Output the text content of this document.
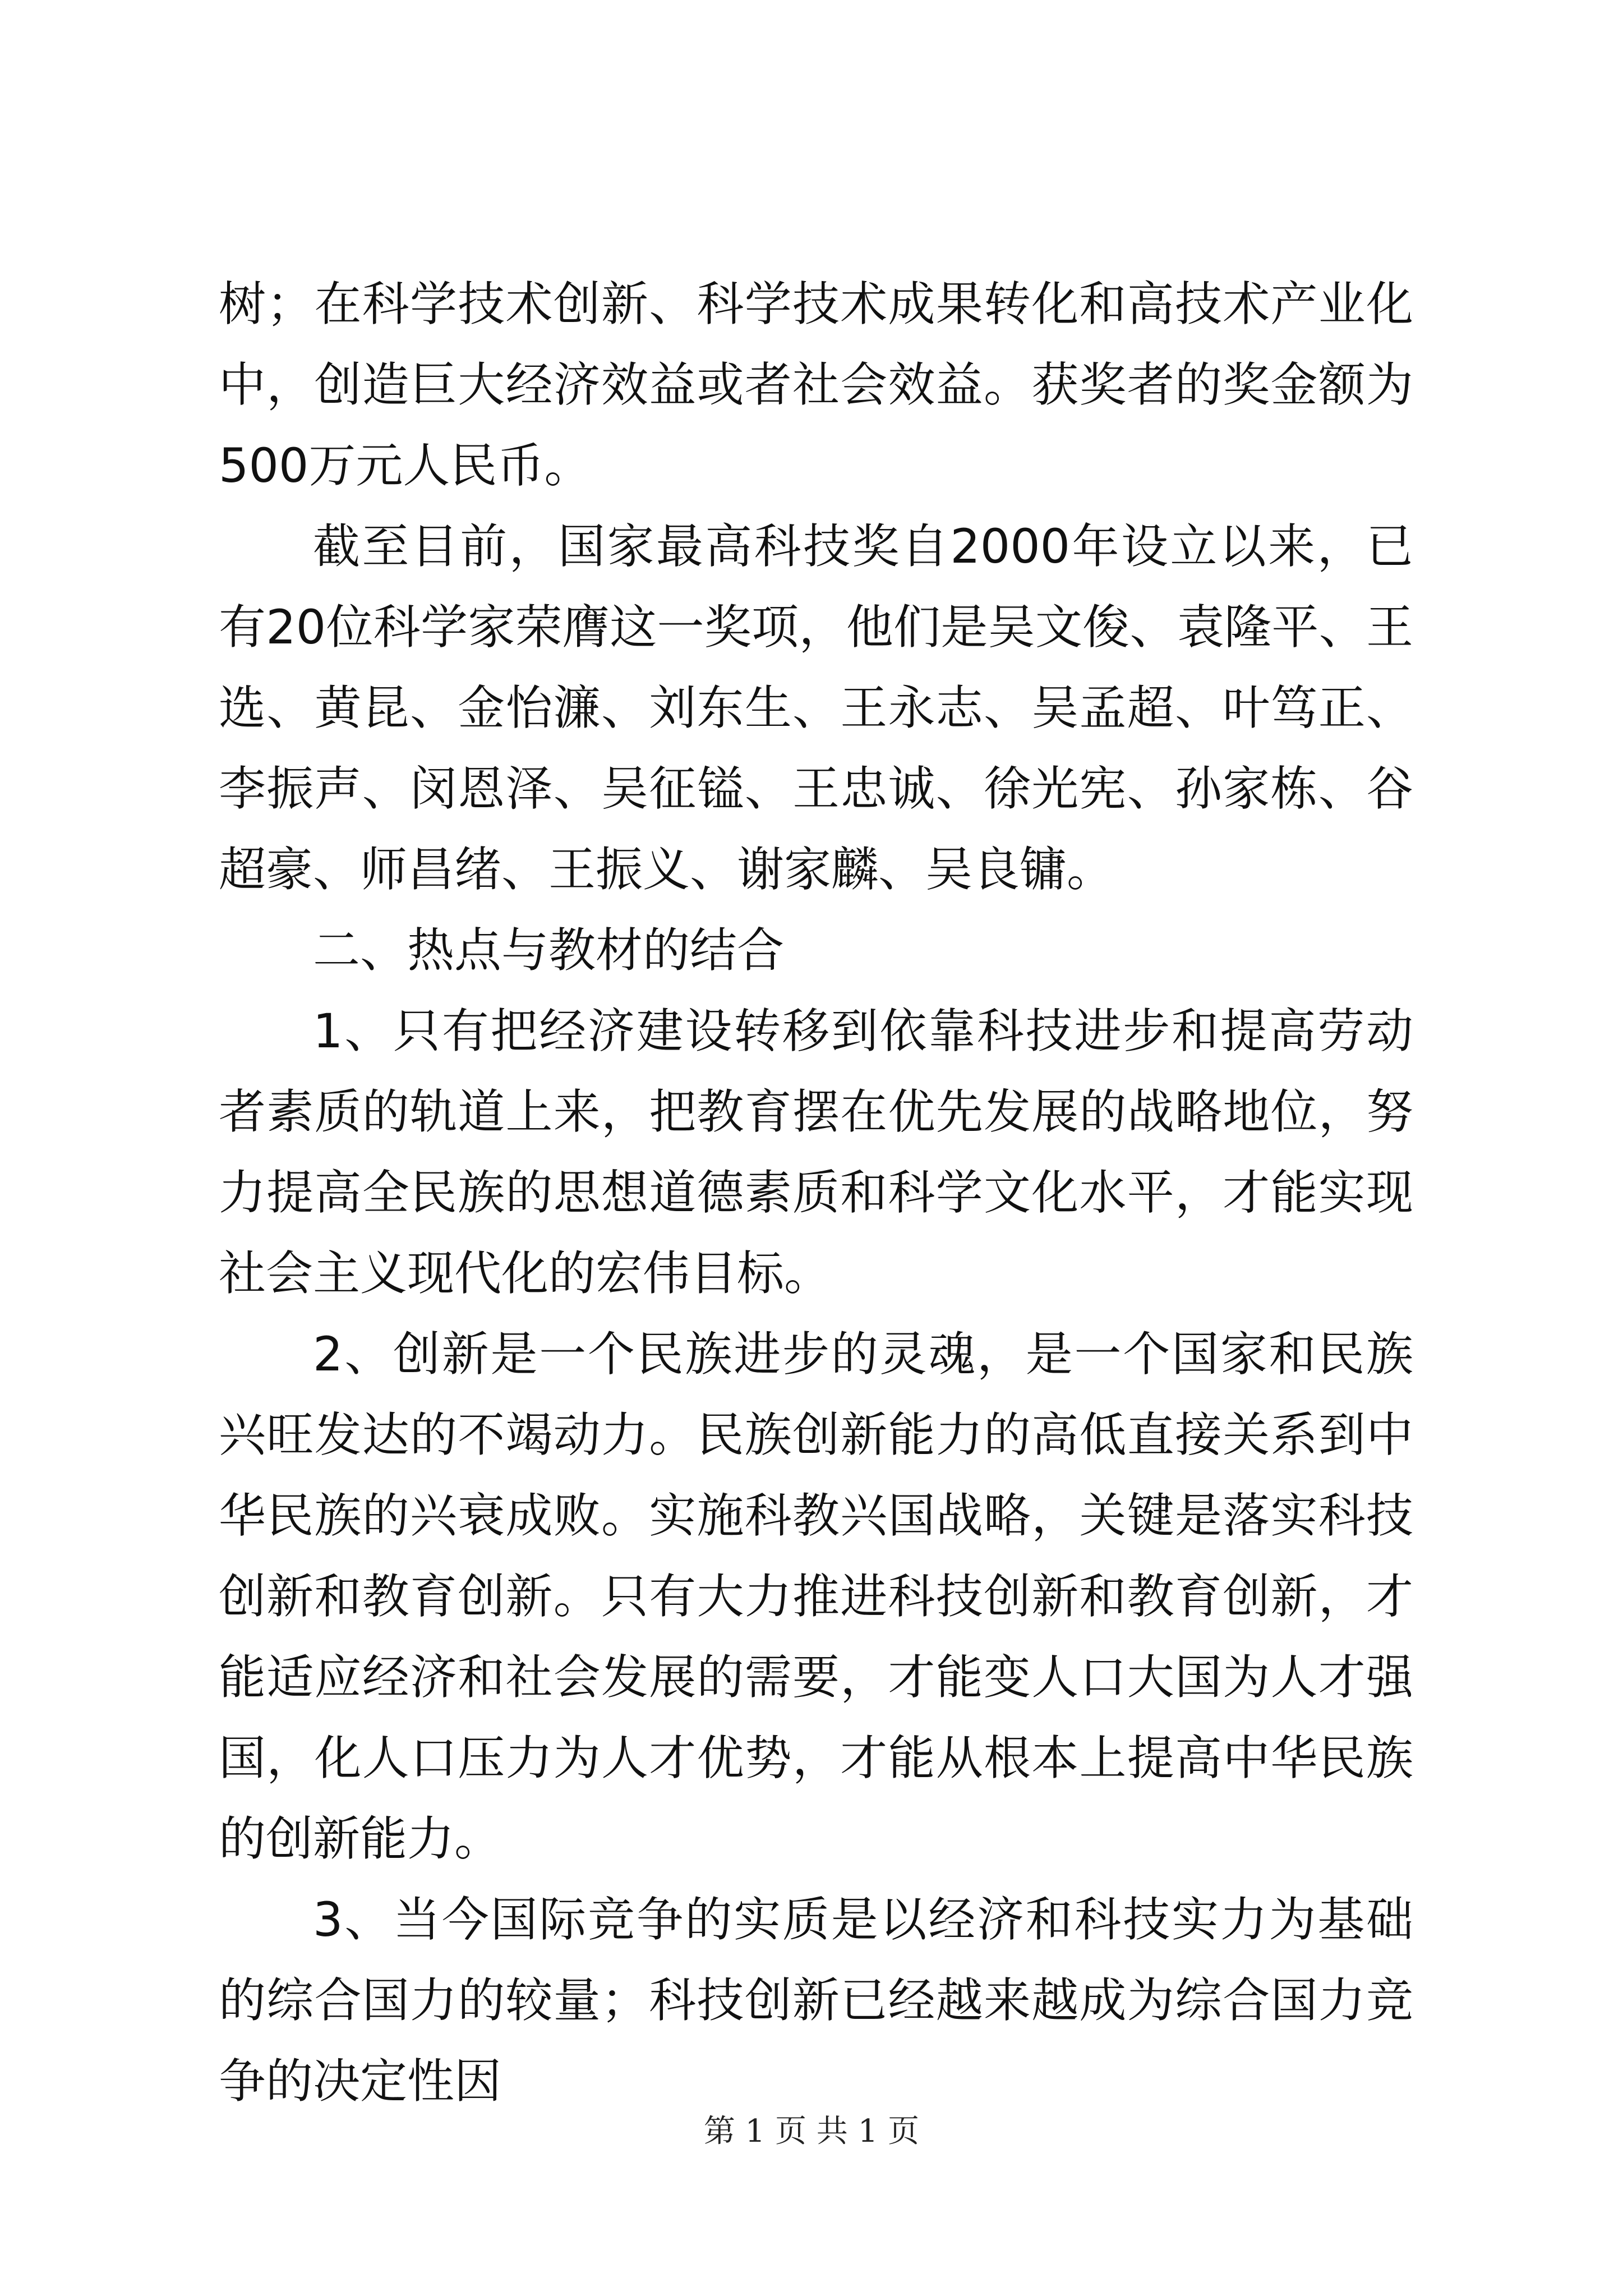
树；在科学技术创新、科学技术成果转化和高技术产业化中，创造巨大经济效益或者社会效益。获奖者的奖金额为500万元人民币。

截至目前，国家最高科技奖自2000年设立以来，已有20位科学家荣膺这一奖项，他们是吴文俊、袁隆平、王选、黄昆、金怡濂、刘东生、王永志、吴孟超、叶笃正、李振声、闵恩泽、吴征镒、王忠诚、徐光宪、孙家栋、谷超豪、师昌绪、王振义、谢家麟、吴良镛。

二、热点与教材的结合

1、只有把经济建设转移到依靠科技进步和提高劳动者素质的轨道上来，把教育摆在优先发展的战略地位，努力提高全民族的思想道德素质和科学文化水平，才能实现社会主义现代化的宏伟目标。

2、创新是一个民族进步的灵魂，是一个国家和民族兴旺发达的不竭动力。民族创新能力的高低直接关系到中华民族的兴衰成败。实施科教兴国战略，关键是落实科技创新和教育创新。只有大力推进科技创新和教育创新，才能适应经济和社会发展的需要，才能变人口大国为人才强国，化人口压力为人才优势，才能从根本上提高中华民族的创新能力。

3、当今国际竞争的实质是以经济和科技实力为基础的综合国力的较量；科技创新已经越来越成为综合国力竞争的决定性因

第 1 页 共 1 页
